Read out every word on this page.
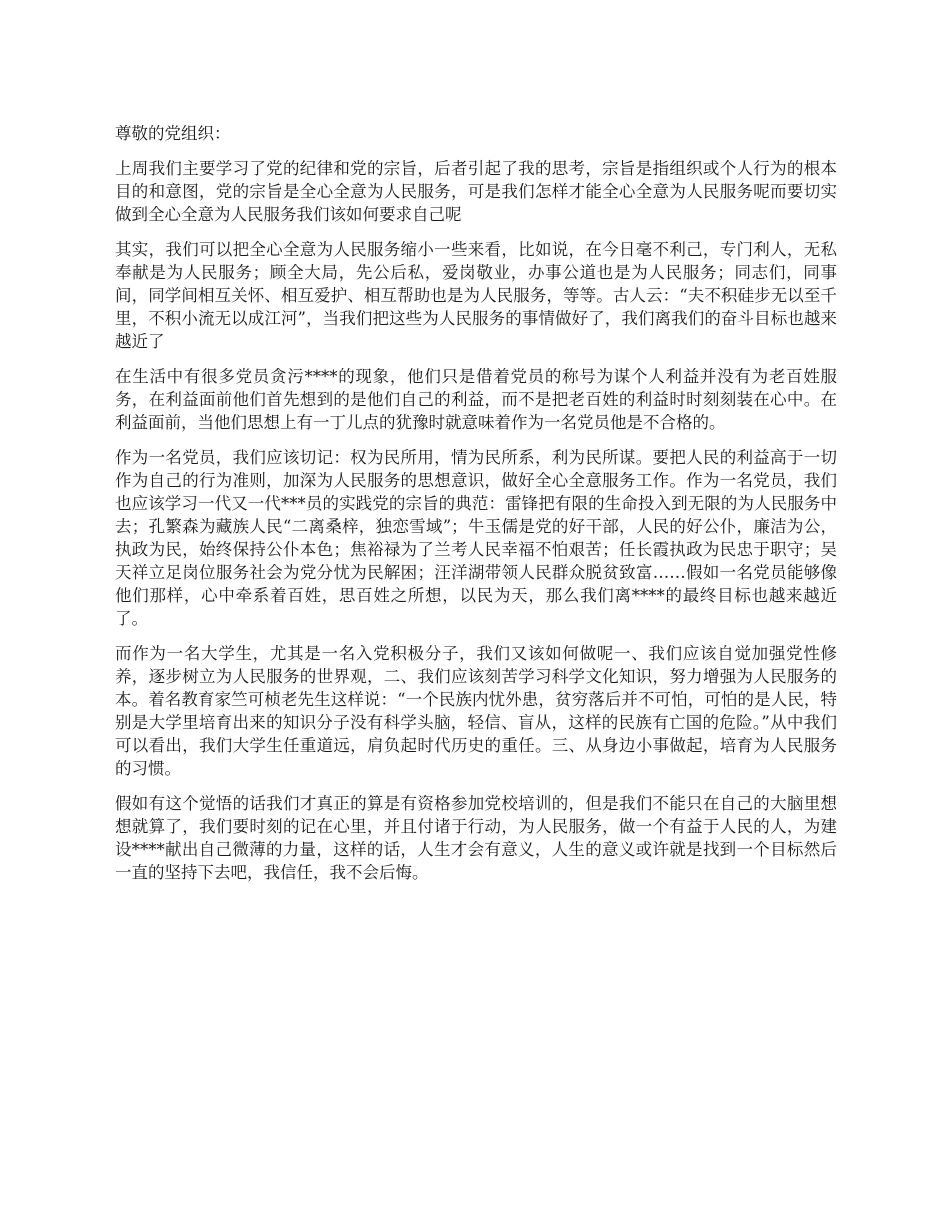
尊敬的党组织：

上周我们主要学习了党的纪律和党的宗旨，后者引起了我的思考，宗旨是指组织或个人行为的根本目的和意图，党的宗旨是全心全意为人民服务，可是我们怎样才能全心全意为人民服务呢而要切实做到全心全意为人民服务我们该如何要求自己呢

其实，我们可以把全心全意为人民服务缩小一些来看，比如说，在今日毫不利己，专门利人，无私奉献是为人民服务；顾全大局，先公后私，爱岗敬业，办事公道也是为人民服务；同志们，同事间，同学间相互关怀、相互爱护、相互帮助也是为人民服务，等等。古人云：“夫不积硅步无以至千里，不积小流无以成江河”，当我们把这些为人民服务的事情做好了，我们离我们的奋斗目标也越来越近了

在生活中有很多党员贪污****的现象，他们只是借着党员的称号为谋个人利益并没有为老百姓服务，在利益面前他们首先想到的是他们自己的利益，而不是把老百姓的利益时时刻刻装在心中。在利益面前，当他们思想上有一丁儿点的犹豫时就意味着作为一名党员他是不合格的。

作为一名党员，我们应该切记：权为民所用，情为民所系，利为民所谋。要把人民的利益高于一切作为自己的行为准则，加深为人民服务的思想意识，做好全心全意服务工作。作为一名党员，我们也应该学习一代又一代***员的实践党的宗旨的典范：雷锋把有限的生命投入到无限的为人民服务中去；孔繁森为藏族人民“二离桑梓，独恋雪域”；牛玉儒是党的好干部，人民的好公仆，廉洁为公，执政为民，始终保持公仆本色；焦裕禄为了兰考人民幸福不怕艰苦；任长霞执政为民忠于职守；吴天祥立足岗位服务社会为党分忧为民解困；汪洋湖带领人民群众脱贫致富……假如一名党员能够像他们那样，心中牵系着百姓，思百姓之所想，以民为天，那么我们离****的最终目标也越来越近了。

而作为一名大学生，尤其是一名入党积极分子，我们又该如何做呢一、我们应该自觉加强党性修养，逐步树立为人民服务的世界观，二、我们应该刻苦学习科学文化知识，努力增强为人民服务的本。着名教育家竺可桢老先生这样说：“一个民族内忧外患，贫穷落后并不可怕，可怕的是人民，特别是大学里培育出来的知识分子没有科学头脑，轻信、盲从，这样的民族有亡国的危险。”从中我们可以看出，我们大学生任重道远，肩负起时代历史的重任。三、从身边小事做起，培育为人民服务的习惯。

假如有这个觉悟的话我们才真正的算是有资格参加党校培训的，但是我们不能只在自己的大脑里想想就算了，我们要时刻的记在心里，并且付诸于行动，为人民服务，做一个有益于人民的人，为建设****献出自己微薄的力量，这样的话，人生才会有意义，人生的意义或许就是找到一个目标然后一直的坚持下去吧，我信任，我不会后悔。
